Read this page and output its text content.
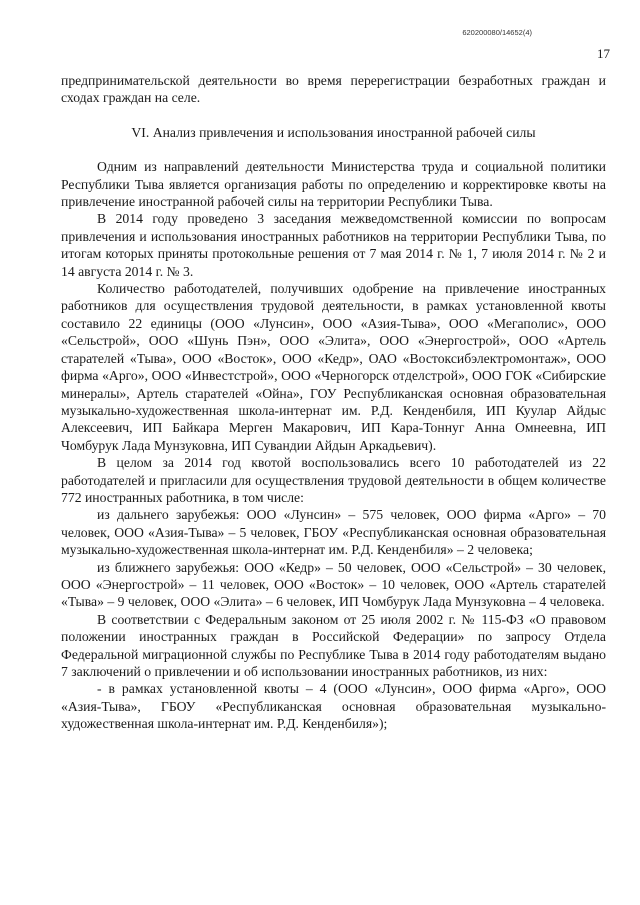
620200080/14652(4)
17

предпринимательской деятельности во время перерегистрации безработных граждан и сходах граждан на селе.

VI. Анализ привлечения и использования иностранной рабочей силы

Одним из направлений деятельности Министерства труда и социальной политики Республики Тыва является организация работы по определению и корректировке квоты на привлечение иностранной рабочей силы на территории Республики Тыва.

В 2014 году проведено 3 заседания межведомственной комиссии по вопросам привлечения и использования иностранных работников на территории Республики Тыва, по итогам которых приняты протокольные решения от 7 мая 2014 г. № 1, 7 июля 2014 г. № 2 и 14 августа 2014 г. № 3.

Количество работодателей, получивших одобрение на привлечение иностранных работников для осуществления трудовой деятельности, в рамках установленной квоты составило 22 единицы (ООО «Лунсин», ООО «Азия-Тыва», ООО «Мегаполис», ООО «Сельстрой», ООО «Шунь Пэн», ООО «Элита», ООО «Энергострой», ООО «Артель старателей «Тыва», ООО «Восток», ООО «Кедр», ОАО «Востоксибэлектромонтаж», ООО фирма «Арго», ООО «Инвестстрой», ООО «Черногорск отделстрой», ООО ГОК «Сибирские минералы», Артель старателей «Ойна», ГОУ Республиканская основная образовательная музыкально-художественная школа-интернат им. Р.Д. Кенденбиля, ИП Куулар Айдыс Алексеевич, ИП Байкара Мерген Макарович, ИП Кара-Тоннуг Анна Омнеевна, ИП Чомбурук Лада Мунзуковна, ИП Сувандии Айдын Аркадьевич).

В целом за 2014 год квотой воспользовались всего 10 работодателей из 22 работодателей и пригласили для осуществления трудовой деятельности в общем количестве 772 иностранных работника, в том числе:

из дальнего зарубежья: ООО «Лунсин» – 575 человек, ООО фирма «Арго» – 70 человек, ООО «Азия-Тыва» – 5 человек, ГБОУ «Республиканская основная образовательная музыкально-художественная школа-интернат им. Р.Д. Кенденбиля» – 2 человека;

из ближнего зарубежья: ООО «Кедр» – 50 человек, ООО «Сельстрой» – 30 человек, ООО «Энергострой» – 11 человек, ООО «Восток» – 10 человек, ООО «Артель старателей «Тыва» – 9 человек, ООО «Элита» – 6 человек, ИП Чомбурук Лада Мунзуковна – 4 человека.

В соответствии с Федеральным законом от 25 июля 2002 г. № 115-ФЗ «О правовом положении иностранных граждан в Российской Федерации» по запросу Отдела Федеральной миграционной службы по Республике Тыва в 2014 году работодателям выдано 7 заключений о привлечении и об использовании иностранных работников, из них:

- в рамках установленной квоты – 4 (ООО «Лунсин», ООО фирма «Арго», ООО «Азия-Тыва», ГБОУ «Республиканская основная образовательная музыкально-художественная школа-интернат им. Р.Д. Кенденбиля»);
